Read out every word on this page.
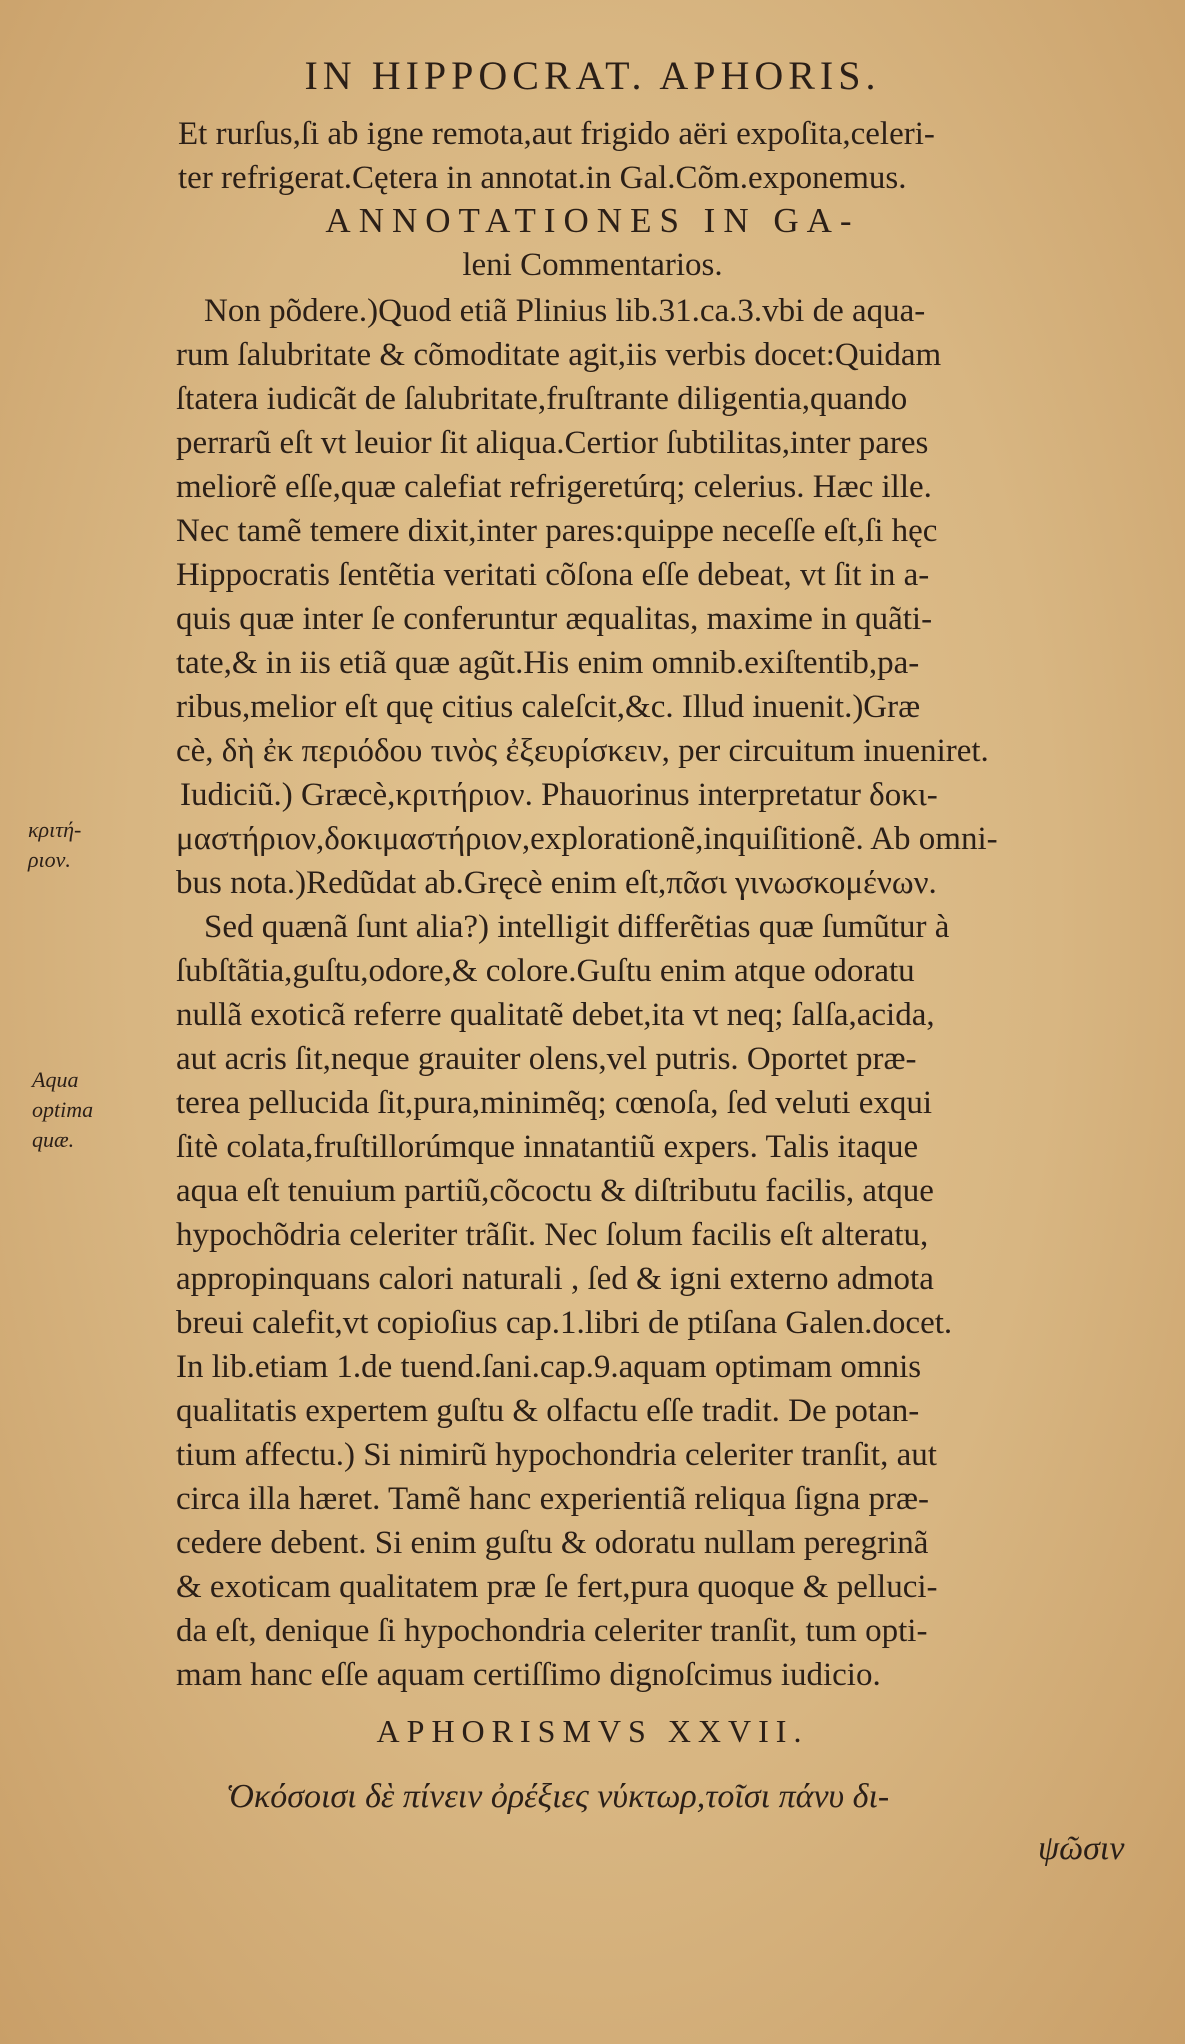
IN HIPPOCRAT. APHORIS.
Et rurſus,ſi ab igne remota,aut frigido aëri expoſita,celeri-
ter refrigerat.Cętera in annotat.in Gal.Cõm.exponemus.
ANNOTATIONES IN GA-
leni Commentarios.
Non põdere.)Quod etiã Plinius lib.31.ca.3.vbi de aqua-
rum ſalubritate & cõmoditate agit,iis verbis docet:Quidam
ſtatera iudicãt de ſalubritate,fruſtrante diligentia,quando
perrarũ eſt vt leuior ſit aliqua.Certior ſubtilitas,inter pares
meliorẽ eſſe,quæ calefiat refrigeretúrq; celerius. Hæc ille.
Nec tamẽ temere dixit,inter pares:quippe neceſſe eſt,ſi hęc
Hippocratis ſentẽtia veritati cõſona eſſe debeat, vt ſit in a-
quis quæ inter ſe conferuntur æqualitas, maxime in quãti-
tate,& in iis etiã quæ agũt.His enim omnib.exiſtentib,pa-
ribus,melior eſt quę citius caleſcit,&c. Illud inuenit.)Græ
cè, δὴ ἐκ περιόδου τινὸς ἐξευρίσκειν, per circuitum inueniret.
Iudiciũ.) Græcè,κριτήριον. Phauorinus interpretatur δοκι-
μαστήριον,δοκιμαστήριον,explorationẽ,inquiſitionẽ. Ab omni-
bus nota.)Redũdat ab.Gręcè enim eſt,πᾶσι γινωσκομένων.
Sed quænã ſunt alia?) intelligit differẽtias quæ ſumũtur à
ſubſtãtia,guſtu,odore,& colore.Guſtu enim atque odoratu
nullã exoticã referre qualitatẽ debet,ita vt neq; ſalſa,acida,
aut acris ſit,neque grauiter olens,vel putris. Oportet præ-
terea pellucida ſit,pura,minimẽq; cœnoſa, ſed veluti exqui
ſitè colata,fruſtillorúmque innatantiũ expers. Talis itaque
aqua eſt tenuium partiũ,cõcoctu & diſtributu facilis, atque
hypochõdria celeriter trãſit. Nec ſolum facilis eſt alteratu,
appropinquans calori naturali , ſed & igni externo admota
breui calefit,vt copioſius cap.1.libri de ptiſana Galen.docet.
In lib.etiam 1.de tuend.ſani.cap.9.aquam optimam omnis
qualitatis expertem guſtu & olfactu eſſe tradit. De potan-
tium affectu.) Si nimirũ hypochondria celeriter tranſit, aut
circa illa hæret. Tamẽ hanc experientiã reliqua ſigna præ-
cedere debent. Si enim guſtu & odoratu nullam peregrinã
& exoticam qualitatem præ ſe fert,pura quoque & pelluci-
da eſt, denique ſi hypochondria celeriter tranſit, tum opti-
mam hanc eſſe aquam certiſſimo dignoſcimus iudicio.
APHORISMVS XXVII.
Ὁκόσοισι δὲ πίνειν ὀρέξιες νύκτωρ,τοῖσι πάνυ δι-
ψῶσιν
κριτή-
ριον.
Aqua
optima
quæ.
